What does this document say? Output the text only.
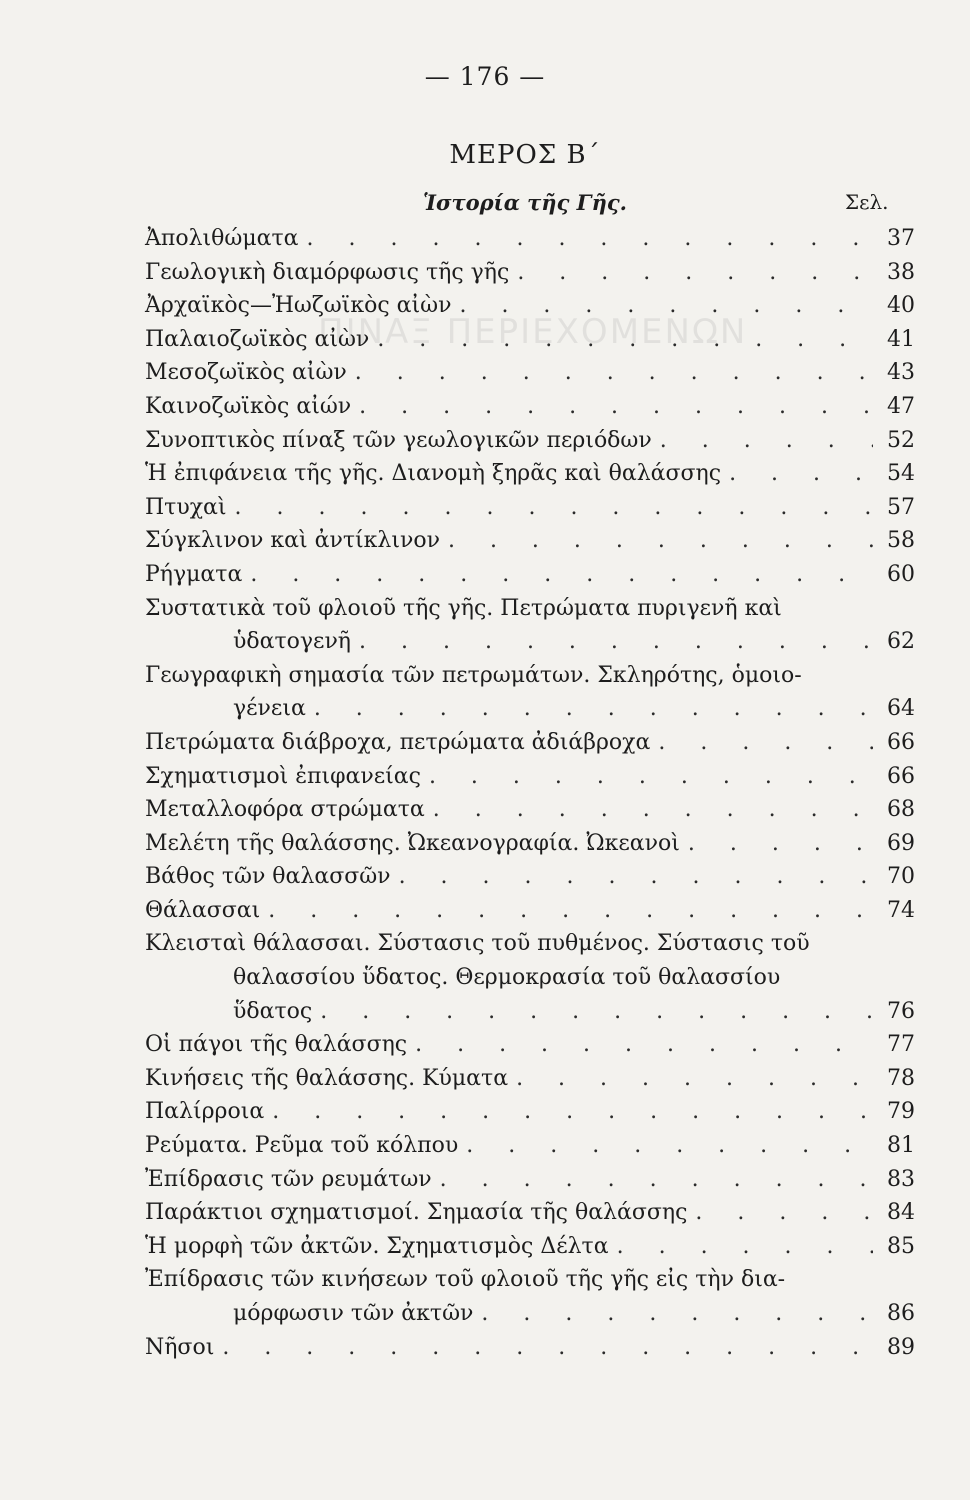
— 176 —
ΠΙΝΑΞ ΠΕΡΙΕΧΟΜΕΝΩΝ
ΜΕΡΟΣ Β΄
Ἱστορία τῆς Γῆς.	Σελ.
Ἀπολιθώματα . . .	37
Γεωλογικὴ διαμόρφωσις τῆς γῆς . . .	38
Ἀρχαϊκὸς—Ἠωζωϊκὸς αἰὼν . . .	40
Παλαιοζωϊκὸς αἰὼν . . .	41
Μεσοζωϊκὸς αἰὼν . . .	43
Καινοζωϊκὸς αἰών . . .	47
Συνοπτικὸς πίναξ τῶν γεωλογικῶν περιόδων . . .	52
Ἡ ἐπιφάνεια τῆς γῆς. Διανομὴ ξηρᾶς καὶ θαλάσσης . . .	54
Πτυχαὶ . . .	57
Σύγκλινον καὶ ἀντίκλινον . . .	58
Ρήγματα . . .	60
Συστατικὰ τοῦ φλοιοῦ τῆς γῆς. Πετρώματα πυριγενῆ καὶ
ὑδατογενῆ . . .	62
Γεωγραφικὴ σημασία τῶν πετρωμάτων. Σκληρότης, ὁμοιο-
γένεια . . .	64
Πετρώματα διάβροχα, πετρώματα ἀδιάβροχα . . .	66
Σχηματισμοὶ ἐπιφανείας . . .	66
Μεταλλοφόρα στρώματα . . .	68
Μελέτη τῆς θαλάσσης. Ὠκεανογραφία. Ὠκεανοὶ . . .	69
Βάθος τῶν θαλασσῶν . . .	70
Θάλασσαι . . .	74
Κλεισταὶ θάλασσαι. Σύστασις τοῦ πυθμένος. Σύστασις τοῦ
θαλασσίου ὕδατος. Θερμοκρασία τοῦ θαλασσίου
ὕδατος . . .	76
Οἱ πάγοι τῆς θαλάσσης . . .	77
Κινήσεις τῆς θαλάσσης. Κύματα . . .	78
Παλίρροια . . .	79
Ρεύματα. Ρεῦμα τοῦ κόλπου . . .	81
Ἐπίδρασις τῶν ρευμάτων . . .	83
Παράκτιοι σχηματισμοί. Σημασία τῆς θαλάσσης . . .	84
Ἡ μορφὴ τῶν ἀκτῶν. Σχηματισμὸς Δέλτα . . .	85
Ἐπίδρασις τῶν κινήσεων τοῦ φλοιοῦ τῆς γῆς εἰς τὴν δια-
μόρφωσιν τῶν ἀκτῶν . . .	86
Νῆσοι . . .	89
